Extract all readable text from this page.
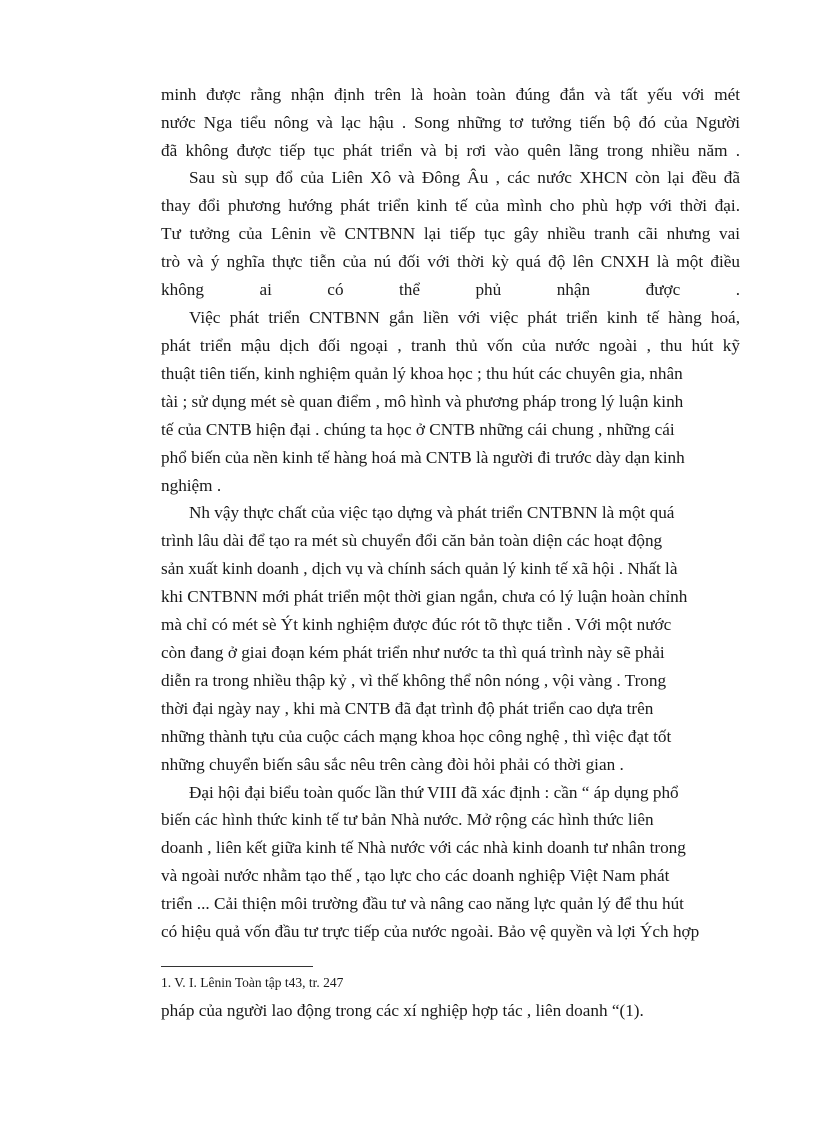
minh được rằng nhận định trên là hoàn toàn đúng đắn và tất yếu với mét
nước Nga tiểu nông và lạc hậu . Song những tơ tưởng tiến bộ đó của Người
đã không được tiếp tục phát triển và bị rơi vào quên lãng trong nhiều năm .
Sau sù sụp đổ của Liên Xô và Đông Âu , các nước XHCN còn lại đều đã
thay đổi phương hướng phát triển kinh tế của mình cho phù hợp với thời đại.
Tư tưởng của Lênin về CNTBNN lại tiếp tục gây nhiều tranh cãi nhưng vai
trò và ý nghĩa thực tiễn của nú đối với thời kỳ quá độ lên CNXH là một điều
không ai có thể phủ nhận được .
Việc phát triển CNTBNN gắn liền với việc phát triển kinh tế hàng hoá,
phát triển mậu dịch đối ngoại , tranh thủ vốn của nước ngoài , thu hút kỹ
thuật tiên tiến, kinh nghiệm quản lý khoa học ; thu hút các chuyên gia, nhân
tài ; sử dụng mét sè quan điểm , mô hình và phương pháp trong lý luận kinh
tế của CNTB hiện đại . chúng ta học ở CNTB những cái chung , những cái
phổ biến của nền kinh tế hàng hoá mà CNTB là người đi trước dày dạn kinh
nghiệm .
Nh vậy thực chất của việc tạo dựng và phát triển CNTBNN là một quá
trình lâu dài để tạo ra mét sù chuyển đổi căn bản toàn diện các hoạt động
sản xuất kinh doanh , dịch vụ và chính sách quản lý kinh tế xã hội . Nhất là
khi CNTBNN mới phát triển một thời gian ngắn, chưa có lý luận hoàn chỉnh
mà chỉ có mét sè Ýt kinh nghiệm được đúc rót tõ thực tiễn . Với một nước
còn đang ở giai đoạn kém phát triển như nước ta thì quá trình này sẽ phải
diễn ra trong nhiều thập kỷ , vì thế không thể nôn nóng , vội vàng . Trong
thời đại ngày nay , khi mà CNTB đã đạt trình độ phát triển cao dựa trên
những thành tựu của cuộc cách mạng khoa học công nghệ , thì việc đạt tốt
những chuyển biến sâu sắc nêu trên càng đòi hỏi phải có thời gian .
Đại hội đại biểu toàn quốc lần thứ VIII đã xác định : cần “ áp dụng phổ
biến các hình thức kinh tế tư bản Nhà nước. Mở rộng các hình thức liên
doanh , liên kết giữa kinh tế Nhà nước với các nhà kinh doanh tư nhân trong
và ngoài nước nhằm tạo thế , tạo lực cho các doanh nghiệp Việt Nam phát
triển ... Cải thiện môi trường đầu tư và nâng cao năng lực quản lý để thu hút
có hiệu quả vốn đầu tư trực tiếp của nước ngoài. Bảo vệ quyền và lợi Ých hợp
1. V. I. Lênin Toàn tập t43, tr. 247
pháp của người lao động trong các xí nghiệp hợp tác , liên doanh “(1).
